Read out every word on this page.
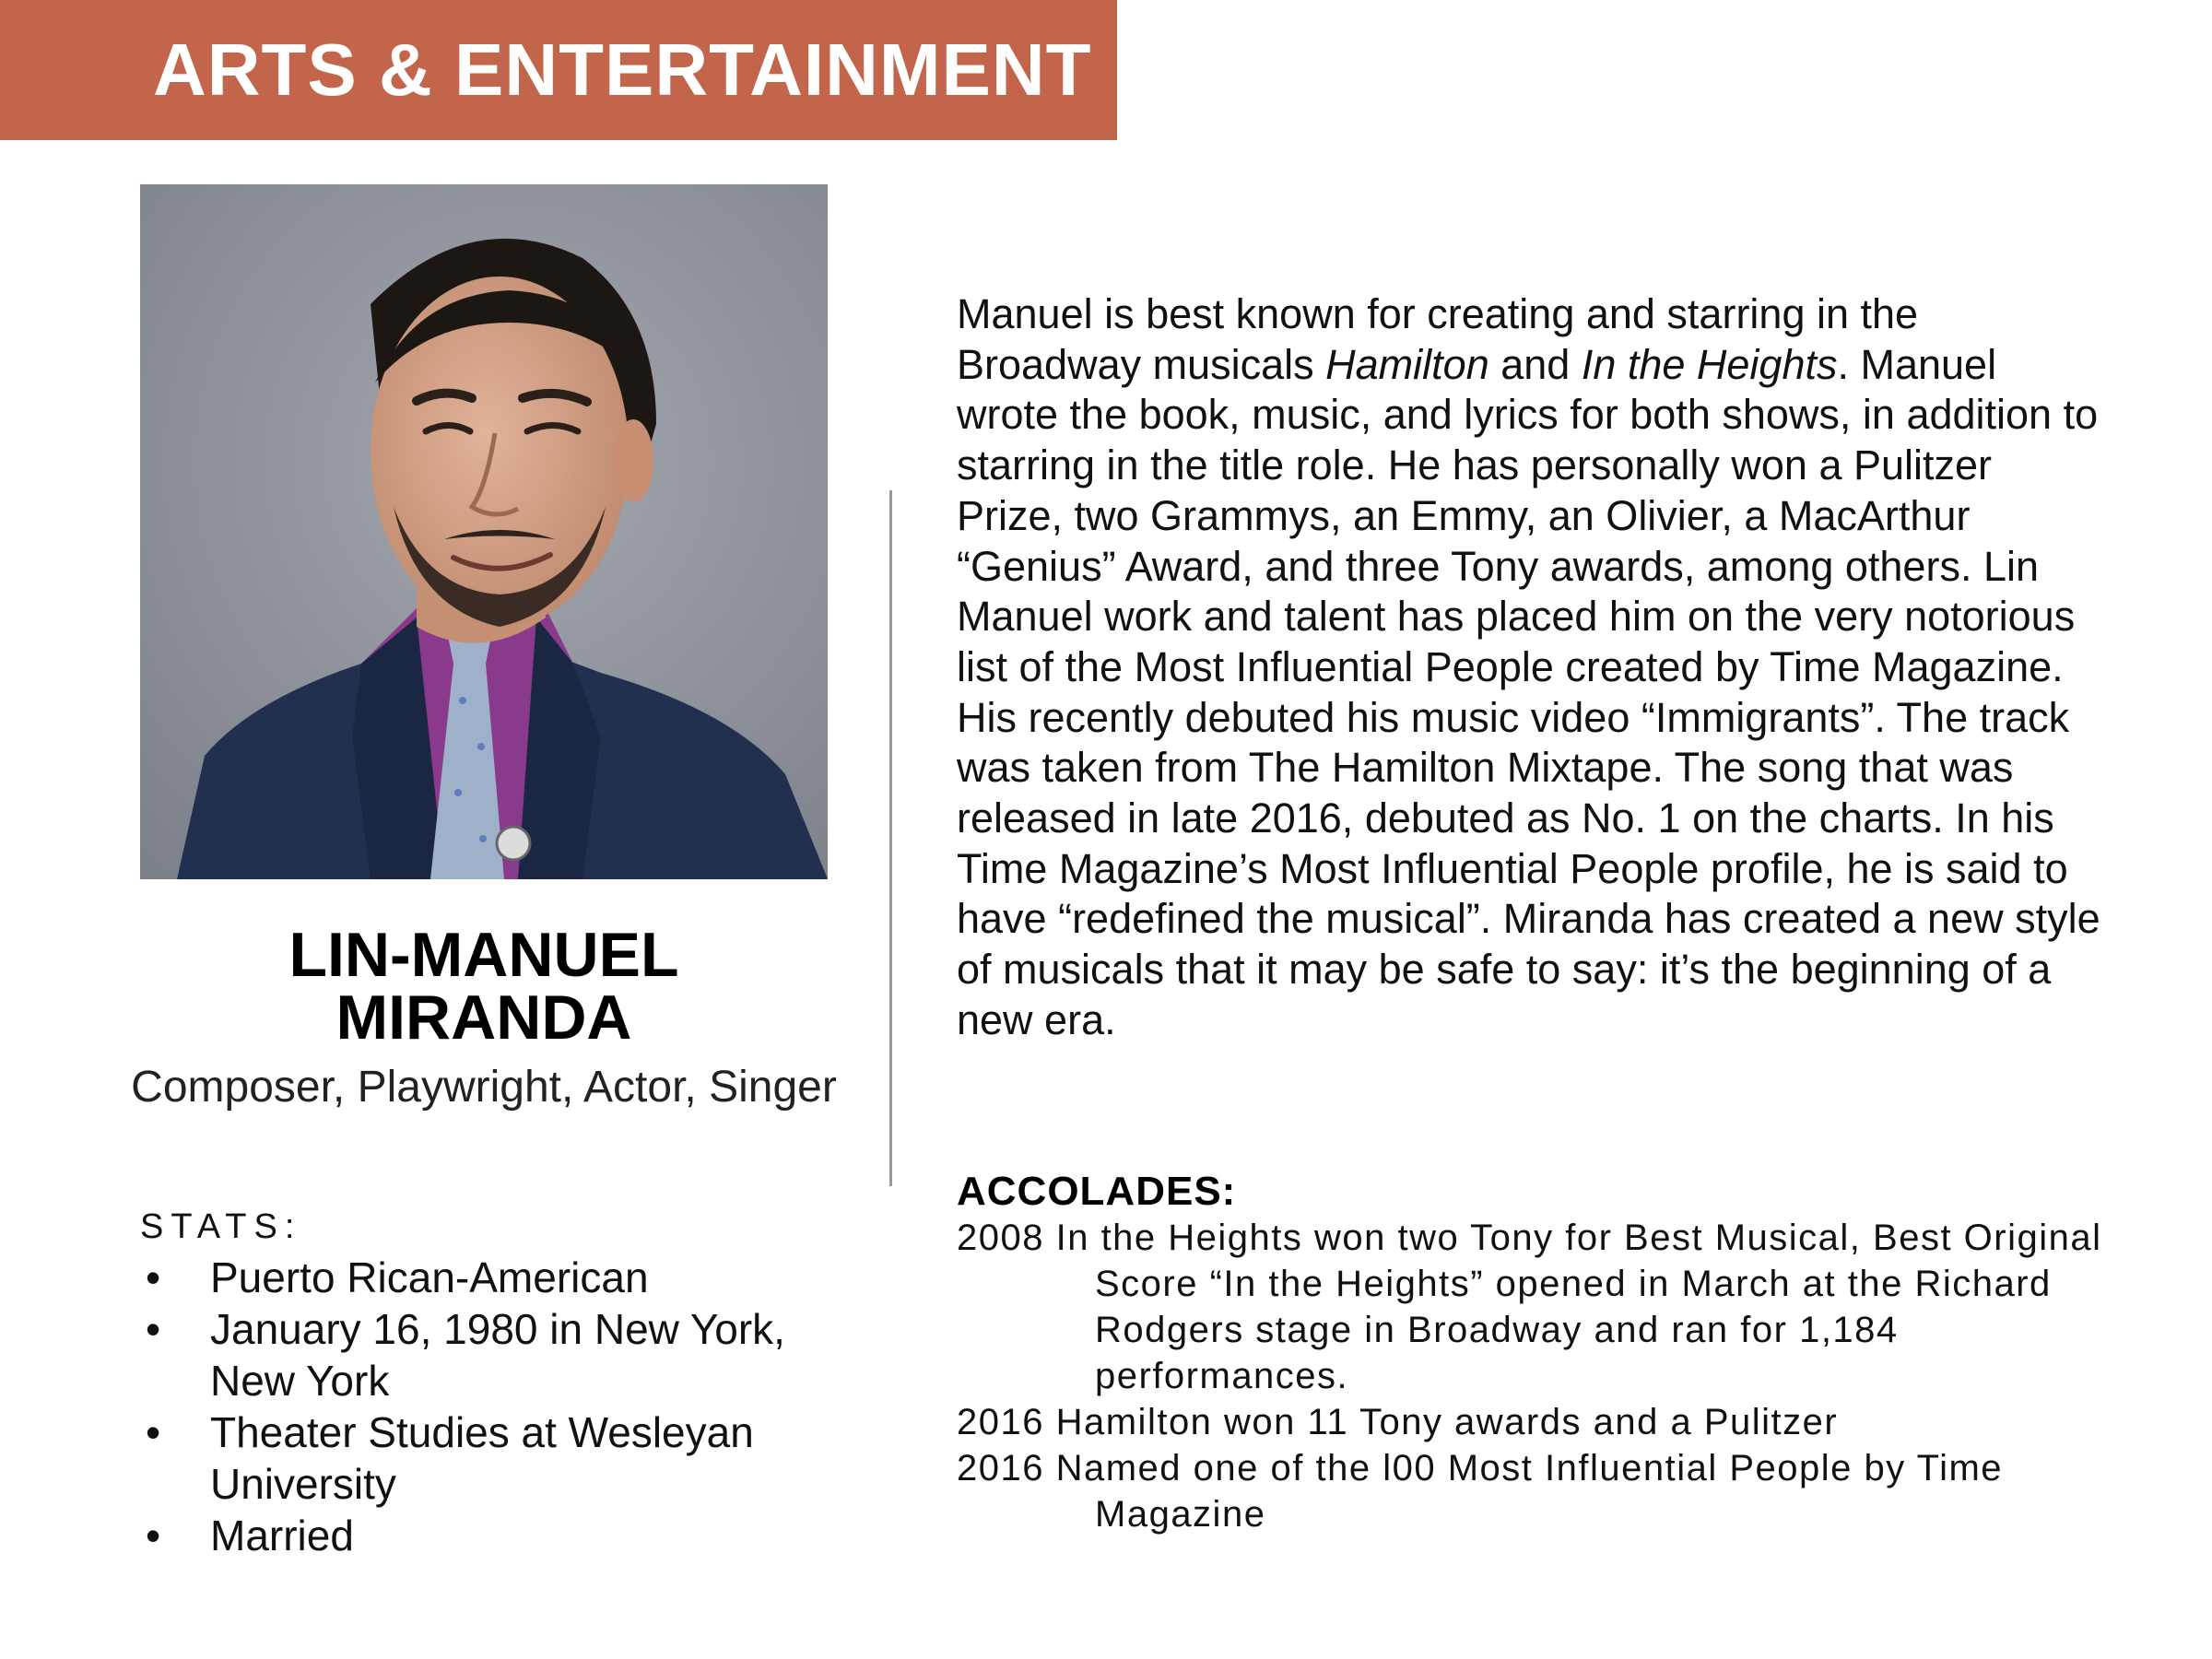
ARTS & ENTERTAINMENT
LIN-MANUEL
MIRANDA
Composer, Playwright, Actor, Singer
STATS:
• Puerto Rican-American
• January 16, 1980 in New York, New York
• Theater Studies at Wesleyan University
• Married
Manuel is best known for creating and starring in the Broadway musicals Hamilton and In the Heights. Manuel wrote the book, music, and lyrics for both shows, in addition to starring in the title role. He has personally won a Pulitzer Prize, two Grammys, an Emmy, an Olivier, a MacArthur “Genius” Award, and three Tony awards, among others. Lin Manuel work and talent has placed him on the very notorious list of the Most Influential People created by Time Magazine. His recently debuted his music video “Immigrants”. The track was taken from The Hamilton Mixtape. The song that was released in late 2016, debuted as No. 1 on the charts. In his Time Magazine’s Most Influential People profile, he is said to have “redefined the musical”. Miranda has created a new style of musicals that it may be safe to say: it’s the beginning of a new era.
ACCOLADES:
2008 In the Heights won two Tony for Best Musical, Best Original Score “In the Heights” opened in March at the Richard Rodgers stage in Broadway and ran for 1,184 performances.
2016 Hamilton won 11 Tony awards and a Pulitzer
2016 Named one of the l00 Most Influential People by Time Magazine
